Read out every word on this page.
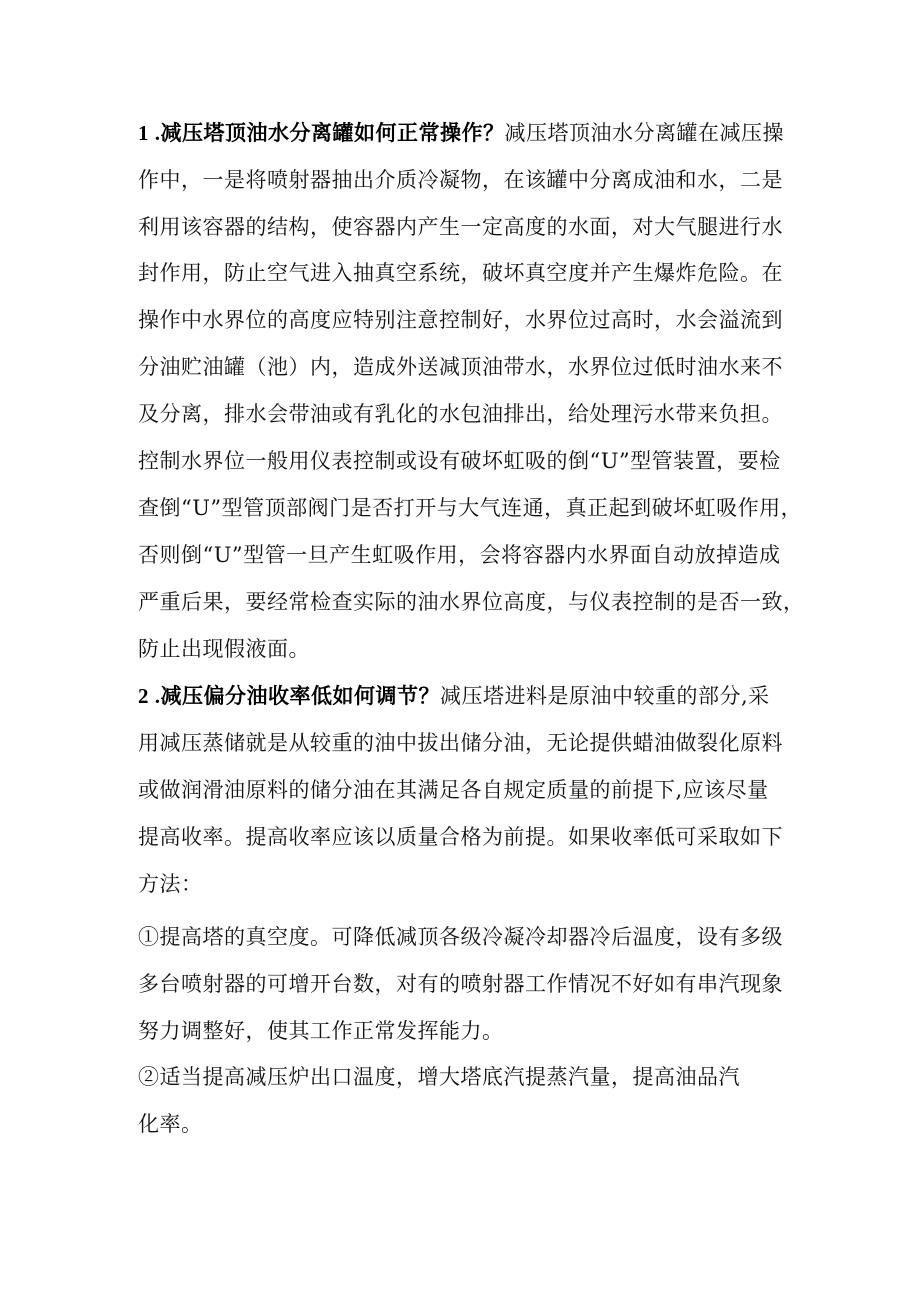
1 .减压塔顶油水分离罐如何正常操作？减压塔顶油水分离罐在减压操
作中，一是将喷射器抽出介质冷凝物，在该罐中分离成油和水，二是
利用该容器的结构，使容器内产生一定高度的水面，对大气腿进行水
封作用，防止空气进入抽真空系统，破坏真空度并产生爆炸危险。在
操作中水界位的高度应特别注意控制好，水界位过高时，水会溢流到
分油贮油罐（池）内，造成外送减顶油带水，水界位过低时油水来不
及分离，排水会带油或有乳化的水包油排出，给处理污水带来负担。
控制水界位一般用仪表控制或设有破坏虹吸的倒“U”型管装置，要检
查倒“U”型管顶部阀门是否打开与大气连通，真正起到破坏虹吸作用，
否则倒“U”型管一旦产生虹吸作用，会将容器内水界面自动放掉造成
严重后果，要经常检查实际的油水界位高度，与仪表控制的是否一致，
防止出现假液面。
2 .减压偏分油收率低如何调节？减压塔进料是原油中较重的部分,采
用减压蒸储就是从较重的油中拔出储分油，无论提供蜡油做裂化原料
或做润滑油原料的储分油在其满足各自规定质量的前提下,应该尽量
提高收率。提高收率应该以质量合格为前提。如果收率低可采取如下
方法：
①提高塔的真空度。可降低减顶各级冷凝冷却器冷后温度，设有多级
多台喷射器的可增开台数，对有的喷射器工作情况不好如有串汽现象
努力调整好，使其工作正常发挥能力。
②适当提高减压炉出口温度，增大塔底汽提蒸汽量，提高油品汽
化率。
